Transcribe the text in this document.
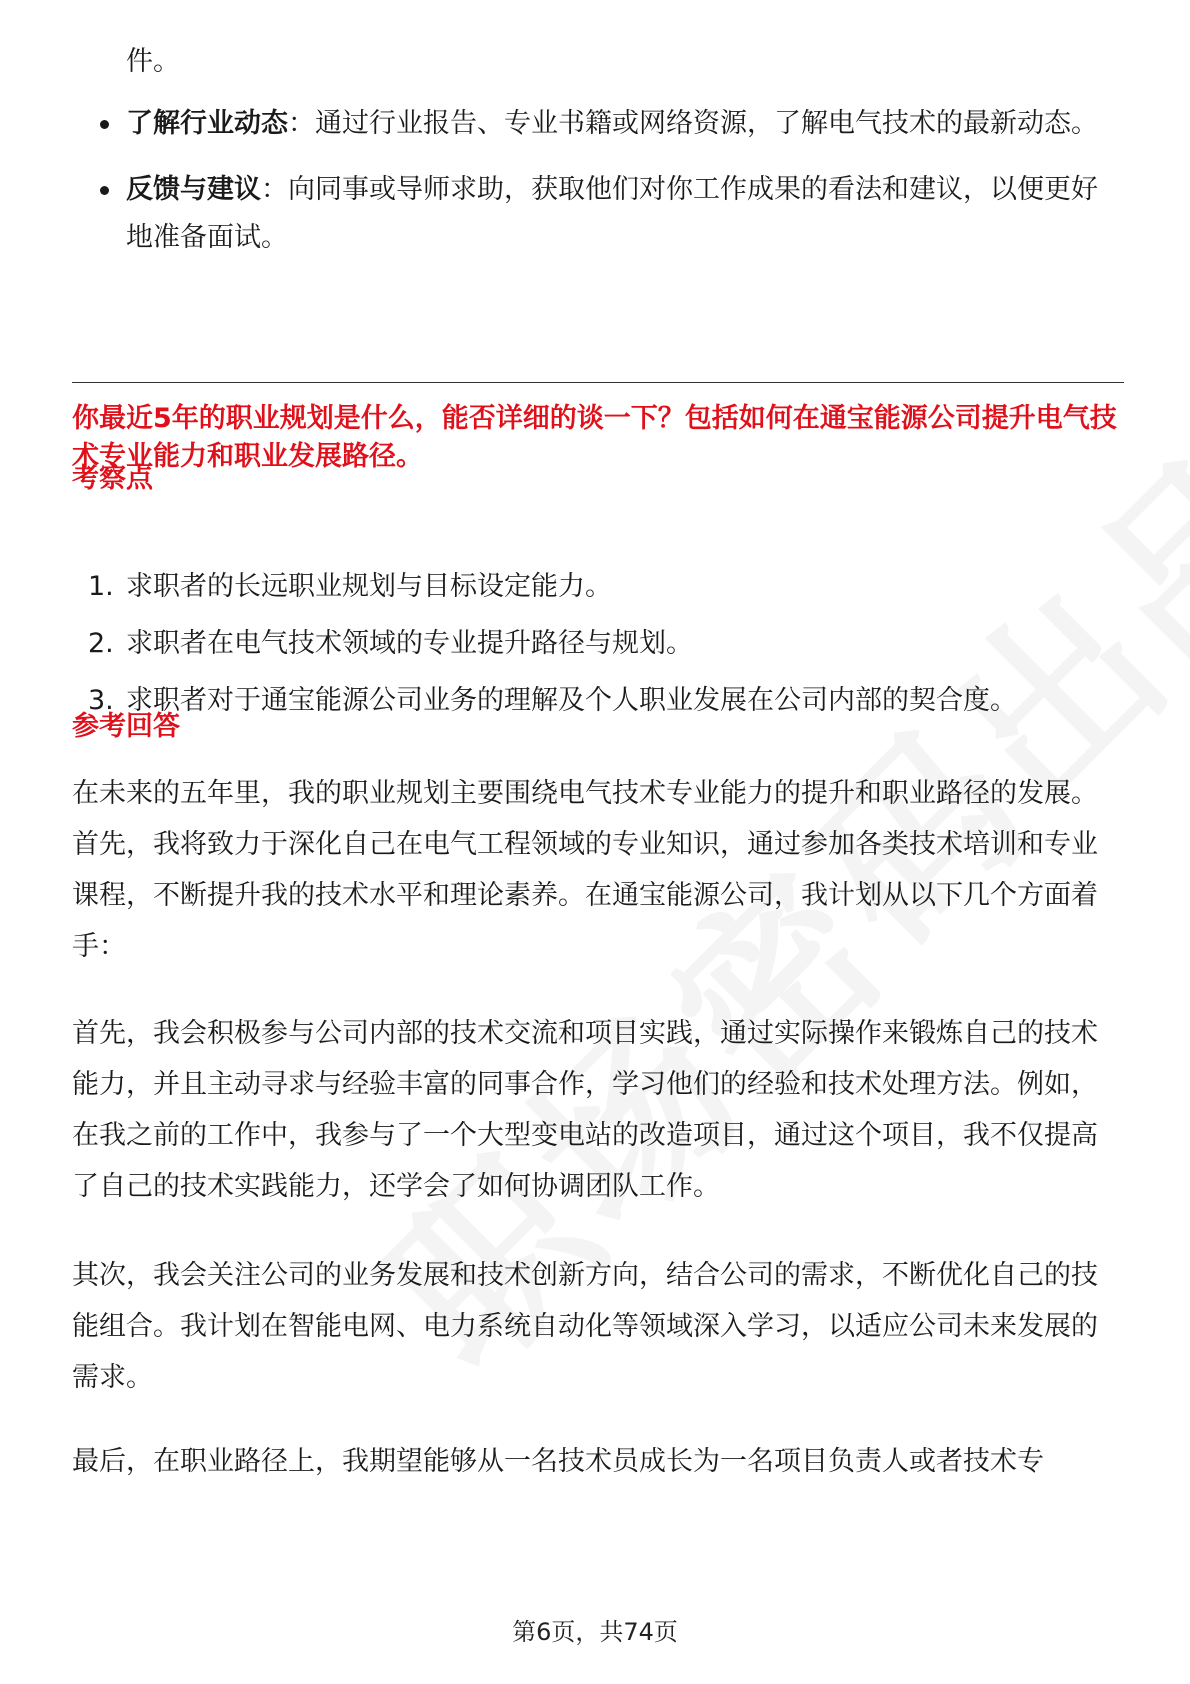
件。
了解行业动态：通过行业报告、专业书籍或网络资源，了解电气技术的最新动态。
反馈与建议：向同事或导师求助，获取他们对你工作成果的看法和建议，以便更好地准备面试。
你最近5年的职业规划是什么，能否详细的谈一下？包括如何在通宝能源公司提升电气技术专业能力和职业发展路径。
考察点
1. 求职者的长远职业规划与目标设定能力。
2. 求职者在电气技术领域的专业提升路径与规划。
3. 求职者对于通宝能源公司业务的理解及个人职业发展在公司内部的契合度。
参考回答

在未来的五年里，我的职业规划主要围绕电气技术专业能力的提升和职业路径的发展。首先，我将致力于深化自己在电气工程领域的专业知识，通过参加各类技术培训和专业课程，不断提升我的技术水平和理论素养。在通宝能源公司，我计划从以下几个方面着手：

首先，我会积极参与公司内部的技术交流和项目实践，通过实际操作来锻炼自己的技术能力，并且主动寻求与经验丰富的同事合作，学习他们的经验和技术处理方法。例如，在我之前的工作中，我参与了一个大型变电站的改造项目，通过这个项目，我不仅提高了自己的技术实践能力，还学会了如何协调团队工作。

其次，我会关注公司的业务发展和技术创新方向，结合公司的需求，不断优化自己的技能组合。我计划在智能电网、电力系统自动化等领域深入学习，以适应公司未来发展的需求。

最后，在职业路径上，我期望能够从一名技术员成长为一名项目负责人或者技术专

第6页，共74页
